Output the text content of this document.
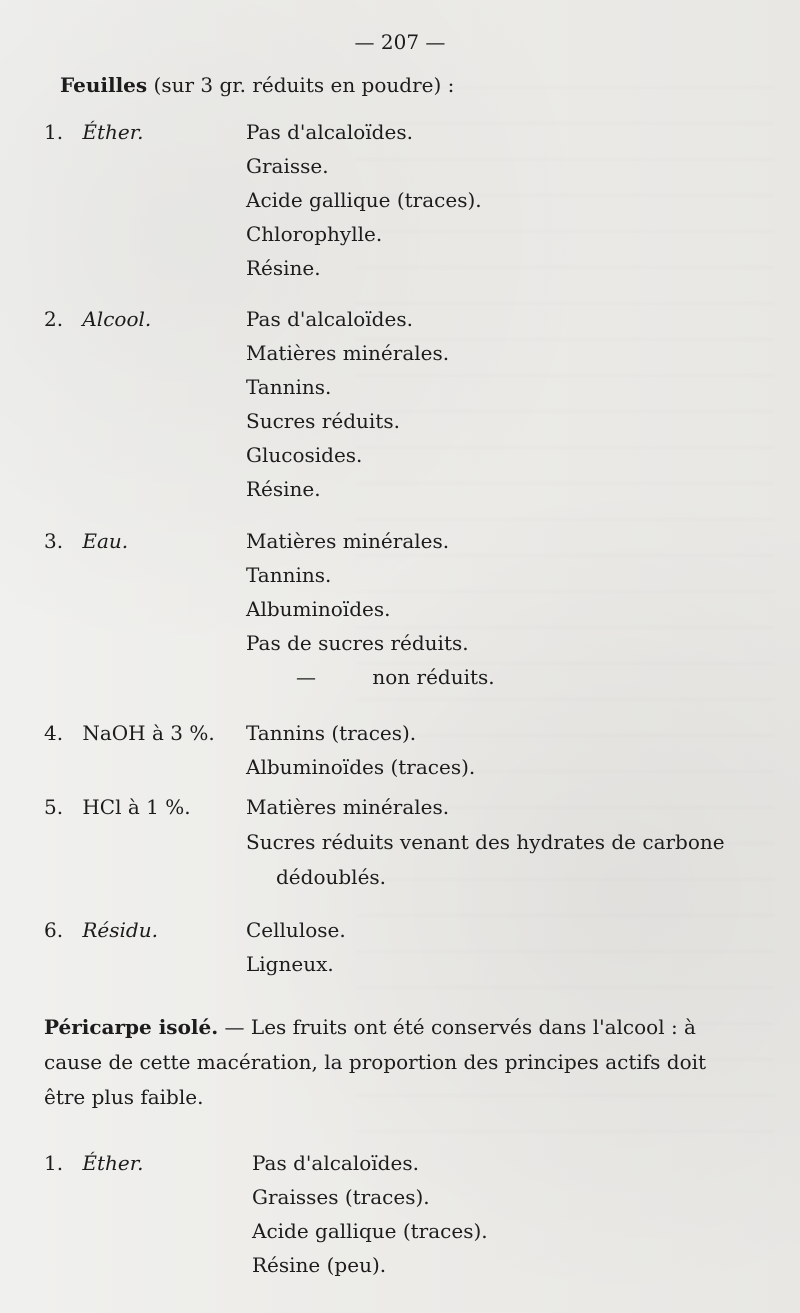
— 207 —
Feuilles (sur 3 gr. réduits en poudre) :
1. Éther.	Pas d'alcaloïdes.
Graisse.
Acide gallique (traces).
Chlorophylle.
Résine.
2. Alcool.	Pas d'alcaloïdes.
Matières minérales.
Tannins.
Sucres réduits.
Glucosides.
Résine.
3. Eau.	Matières minérales.
Tannins.
Albuminoïdes.
Pas de sucres réduits.
—	non réduits.
4. NaOH à 3 %.	Tannins (traces).
Albuminoïdes (traces).
5. HCl à 1 %.	Matières minérales.
Sucres réduits venant des hydrates de carbone
dédoublés.
6. Résidu.	Cellulose.
Ligneux.
Péricarpe isolé. — Les fruits ont été conservés dans l'alcool : à
cause de cette macération, la proportion des principes actifs doit
être plus faible.
1. Éther.	Pas d'alcaloïdes.
Graisses (traces).
Acide gallique (traces).
Résine (peu).
